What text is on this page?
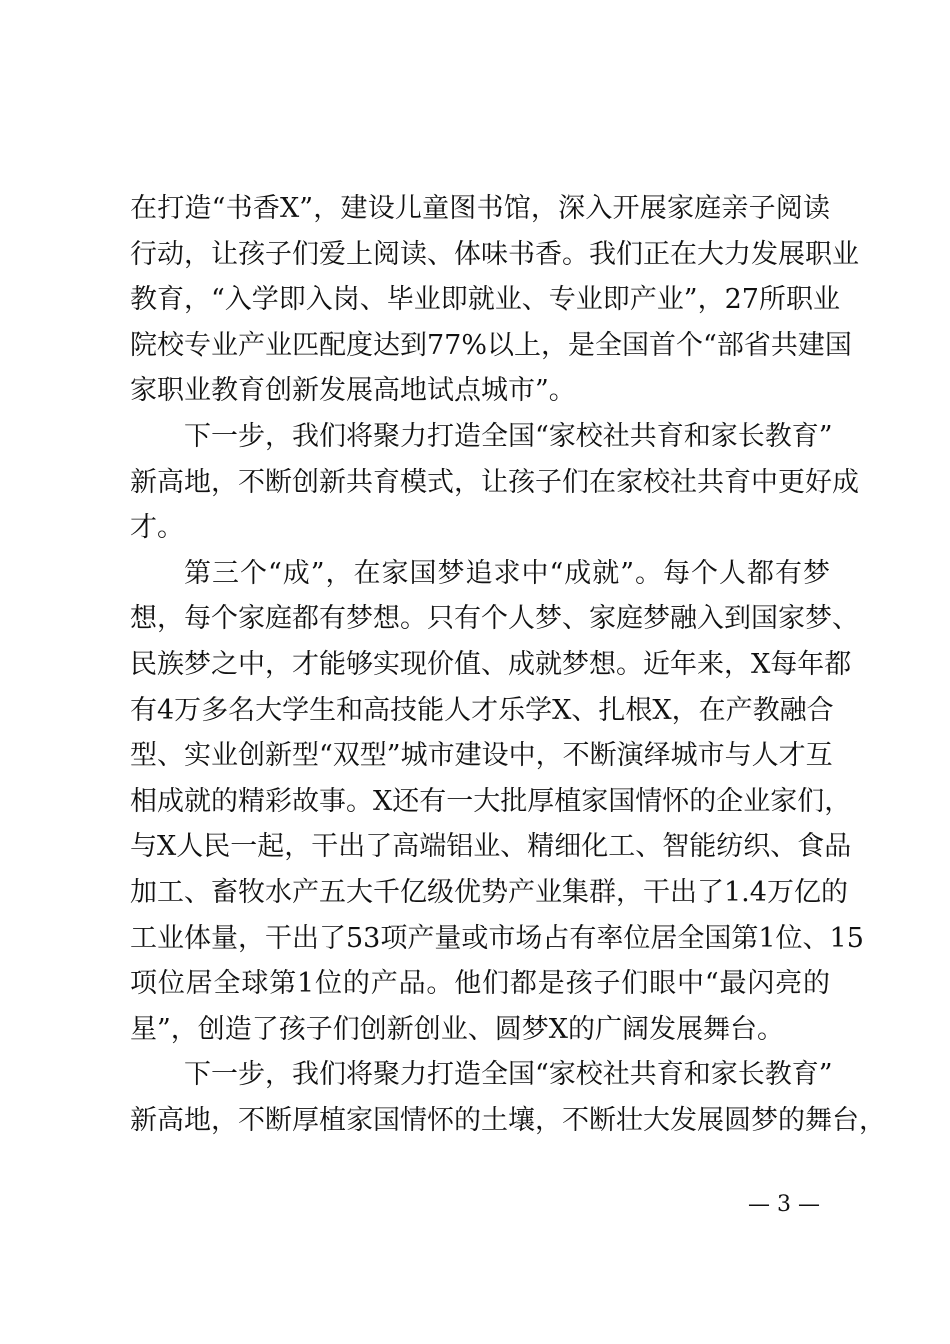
在打造“书香X”，建设儿童图书馆，深入开展家庭亲子阅读
行动，让孩子们爱上阅读、体味书香。我们正在大力发展职业
教育，“入学即入岗、毕业即就业、专业即产业”，27所职业
院校专业产业匹配度达到77%以上，是全国首个“部省共建国
家职业教育创新发展高地试点城市”。
下一步，我们将聚力打造全国“家校社共育和家长教育”
新高地，不断创新共育模式，让孩子们在家校社共育中更好成
才。
第三个“成”，在家国梦追求中“成就”。每个人都有梦
想，每个家庭都有梦想。只有个人梦、家庭梦融入到国家梦、
民族梦之中，才能够实现价值、成就梦想。近年来，X每年都
有4万多名大学生和高技能人才乐学X、扎根X，在产教融合
型、实业创新型“双型”城市建设中，不断演绎城市与人才互
相成就的精彩故事。X还有一大批厚植家国情怀的企业家们，
与X人民一起，干出了高端铝业、精细化工、智能纺织、食品
加工、畜牧水产五大千亿级优势产业集群，干出了1.4万亿的
工业体量，干出了53项产量或市场占有率位居全国第1位、15
项位居全球第1位的产品。他们都是孩子们眼中“最闪亮的
星”，创造了孩子们创新创业、圆梦X的广阔发展舞台。
下一步，我们将聚力打造全国“家校社共育和家长教育”
新高地，不断厚植家国情怀的土壤，不断壮大发展圆梦的舞台，
— 3 —
